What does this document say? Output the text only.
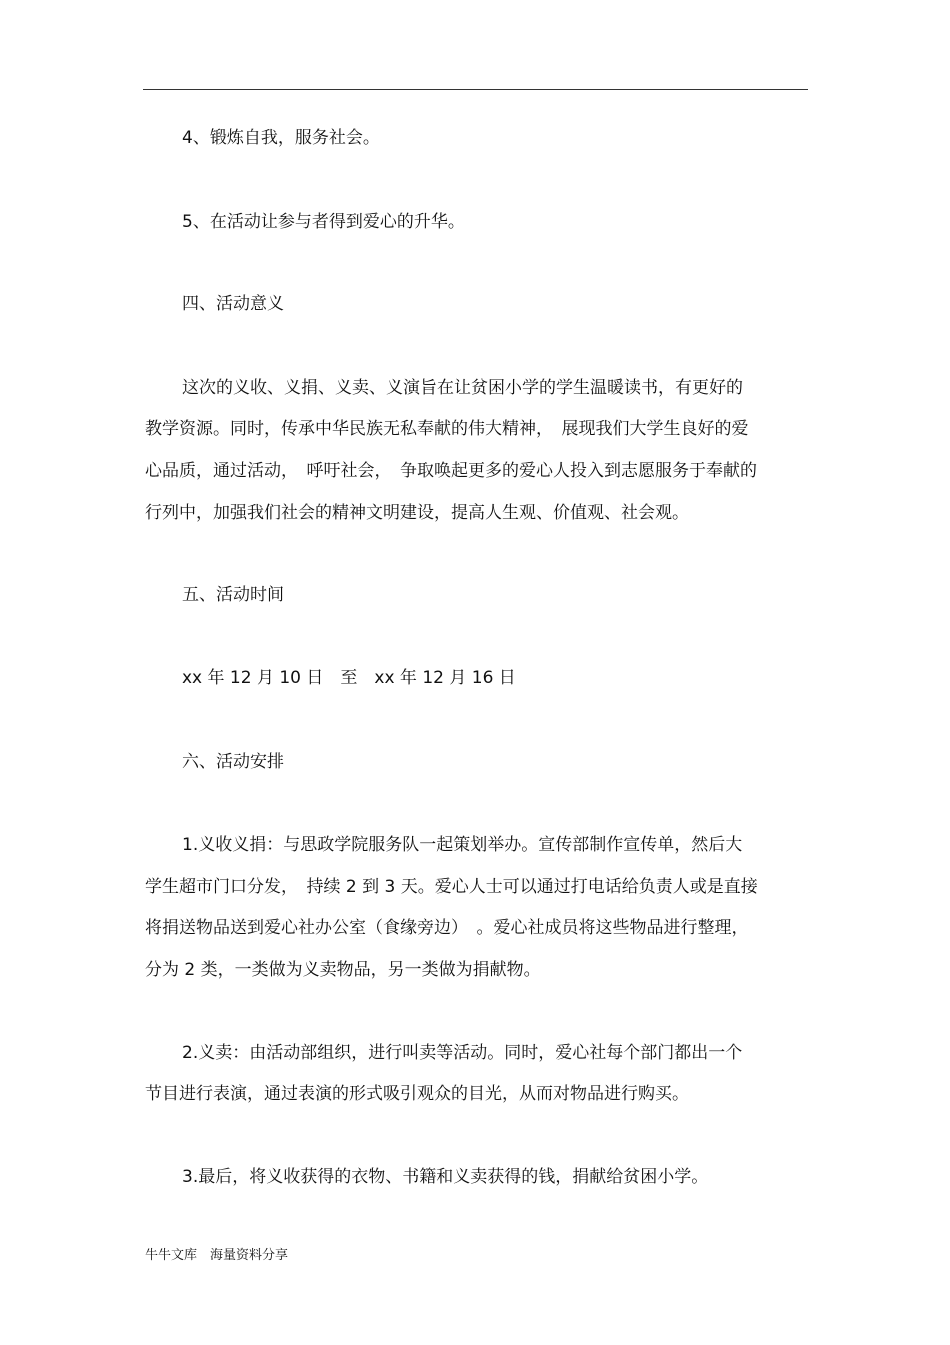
4、锻炼自我，服务社会。
5、在活动让参与者得到爱心的升华。
四、活动意义
这次的义收、义捐、义卖、义演旨在让贫困小学的学生温暖读书，有更好的
教学资源。同时，传承中华民族无私奉献的伟大精神，　展现我们大学生良好的爱
心品质，通过活动，　呼吁社会，　争取唤起更多的爱心人投入到志愿服务于奉献的
行列中，加强我们社会的精神文明建设，提高人生观、价值观、社会观。
五、活动时间
xx 年 12 月 10 日　至　xx 年 12 月 16 日
六、活动安排
1.义收义捐：与思政学院服务队一起策划举办。宣传部制作宣传单，然后大
学生超市门口分发，　持续 2 到 3 天。爱心人士可以通过打电话给负责人或是直接
将捐送物品送到爱心社办公室（食缘旁边）　。爱心社成员将这些物品进行整理，
分为 2 类，一类做为义卖物品，另一类做为捐献物。
2.义卖：由活动部组织，进行叫卖等活动。同时，爱心社每个部门都出一个
节目进行表演，通过表演的形式吸引观众的目光，从而对物品进行购买。
3.最后，将义收获得的衣物、书籍和义卖获得的钱，捐献给贫困小学。
牛牛文库　海量资料分享
